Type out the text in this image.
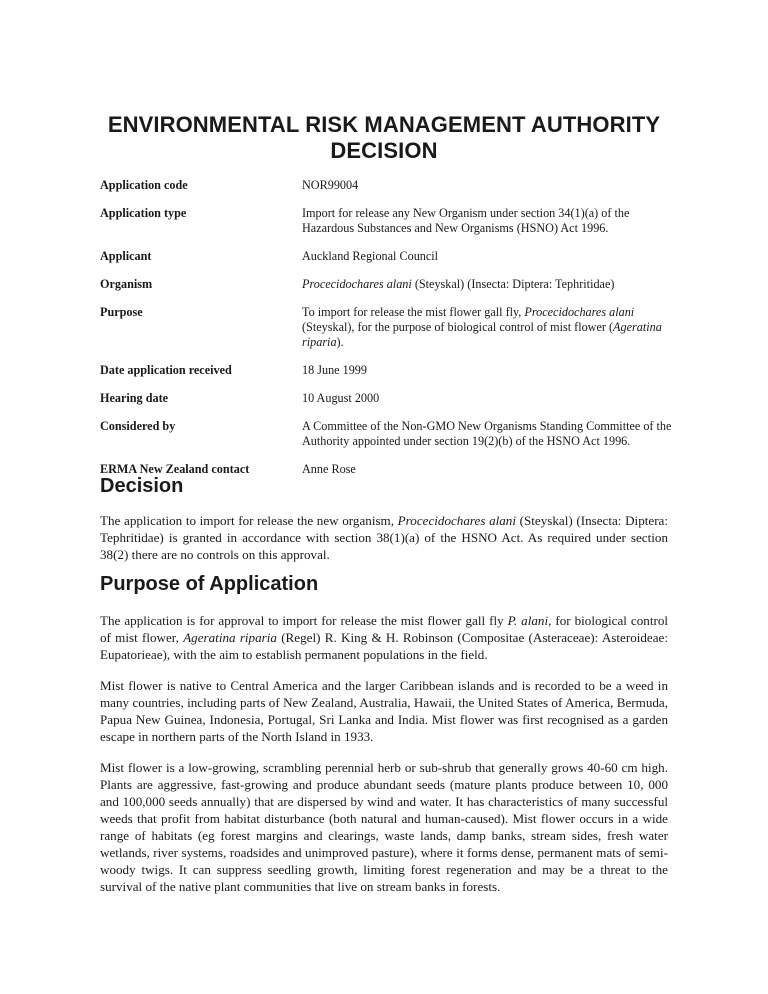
ENVIRONMENTAL RISK MANAGEMENT AUTHORITY DECISION
Application code	NOR99004
Application type	Import for release any New Organism under section 34(1)(a) of the Hazardous Substances and New Organisms (HSNO) Act 1996.
Applicant	Auckland Regional Council
Organism	Procecidochares alani (Steyskal) (Insecta: Diptera: Tephritidae)
Purpose	To import for release the mist flower gall fly, Procecidochares alani (Steyskal), for the purpose of biological control of mist flower (Ageratina riparia).
Date application received	18 June 1999
Hearing date	10 August 2000
Considered by	A Committee of the Non-GMO New Organisms Standing Committee of the Authority appointed under section 19(2)(b) of the HSNO Act 1996.
ERMA New Zealand contact	Anne Rose
Decision

The application to import for release the new organism, Procecidochares alani (Steyskal) (Insecta: Diptera: Tephritidae) is granted in accordance with section 38(1)(a) of the HSNO Act. As required under section 38(2) there are no controls on this approval.

Purpose of Application

The application is for approval to import for release the mist flower gall fly P. alani, for biological control of mist flower, Ageratina riparia (Regel) R. King & H. Robinson (Compositae (Asteraceae): Asteroideae: Eupatorieae), with the aim to establish permanent populations in the field.

Mist flower is native to Central America and the larger Caribbean islands and is recorded to be a weed in many countries, including parts of New Zealand, Australia, Hawaii, the United States of America, Bermuda, Papua New Guinea, Indonesia, Portugal, Sri Lanka and India. Mist flower was first recognised as a garden escape in northern parts of the North Island in 1933.

Mist flower is a low-growing, scrambling perennial herb or sub-shrub that generally grows 40-60 cm high. Plants are aggressive, fast-growing and produce abundant seeds (mature plants produce between 10, 000 and 100,000 seeds annually) that are dispersed by wind and water. It has characteristics of many successful weeds that profit from habitat disturbance (both natural and human-caused). Mist flower occurs in a wide range of habitats (eg forest margins and clearings, waste lands, damp banks, stream sides, fresh water wetlands, river systems, roadsides and unimproved pasture), where it forms dense, permanent mats of semi-woody twigs. It can suppress seedling growth, limiting forest regeneration and may be a threat to the survival of the native plant communities that live on stream banks in forests.
